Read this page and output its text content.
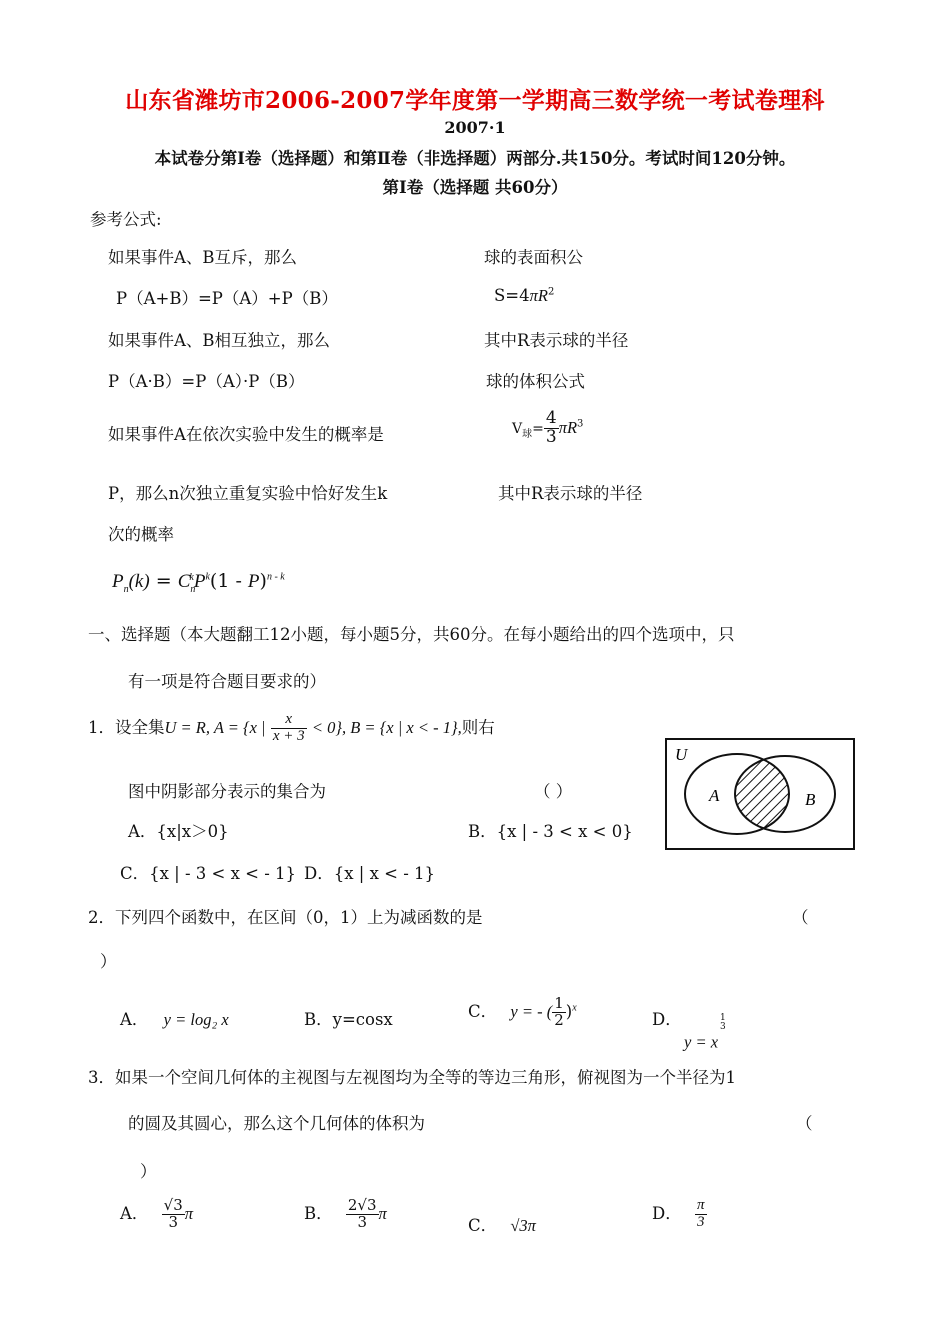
山东省潍坊市2006-2007学年度第一学期高三数学统一考试卷理科
2007·1
本试卷分第Ⅰ卷（选择题）和第Ⅱ卷（非选择题）两部分.共150分。考试时间120分钟。
第Ⅰ卷（选择题 共60分）
参考公式:
如果事件A、B互斥，那么
P（A+B）=P（A）+P（B）
如果事件A、B相互独立，那么
P（A·B）=P（A）·P（B）
如果事件A在依次实验中发生的概率是
P，那么n次独立重复实验中恰好发生k
次的概率
$P_n(k) = C_n^kP^k(1 - P)^{n - k}$
球的表面积公
$S=4\pi R^2$
其中R表示球的半径
球的体积公式
$V_球= \frac{4}{3} \pi R^3$
其中R表示球的半径
一、选择题（本大题翻工12小题，每小题5分，共60分。在每小题给出的四个选项中，只
有一项是符合题目要求的）
1．设全集U = R, A = {x | $\frac{x}{x + 3} < 0$}, B = {x | x < - 1},则右
图中阴影部分表示的集合为	（ ）
A．{x|x＞0}	B．{x | - 3 < x < 0}
C．{x | - 3 < x < - 1} D．{x | x < - 1}
U
A	B
2．下列四个函数中，在区间（0，1）上为减函数的是	（
）
A． y = log₂ x	B．y=cosx	C． y = - ( $\frac{1}{2} )^x$
D．
y = x
1
3
3．如果一个空间几何体的主视图与左视图均为全等的等边三角形，俯视图为一个半径为1
的圆及其圆心，那么这个几何体的体积为	（
）
A． $\frac{√3}{3}$ π	B． $\frac{2√3}{3}$ π
C． √3π
D． $\frac{\pi}{3}$
